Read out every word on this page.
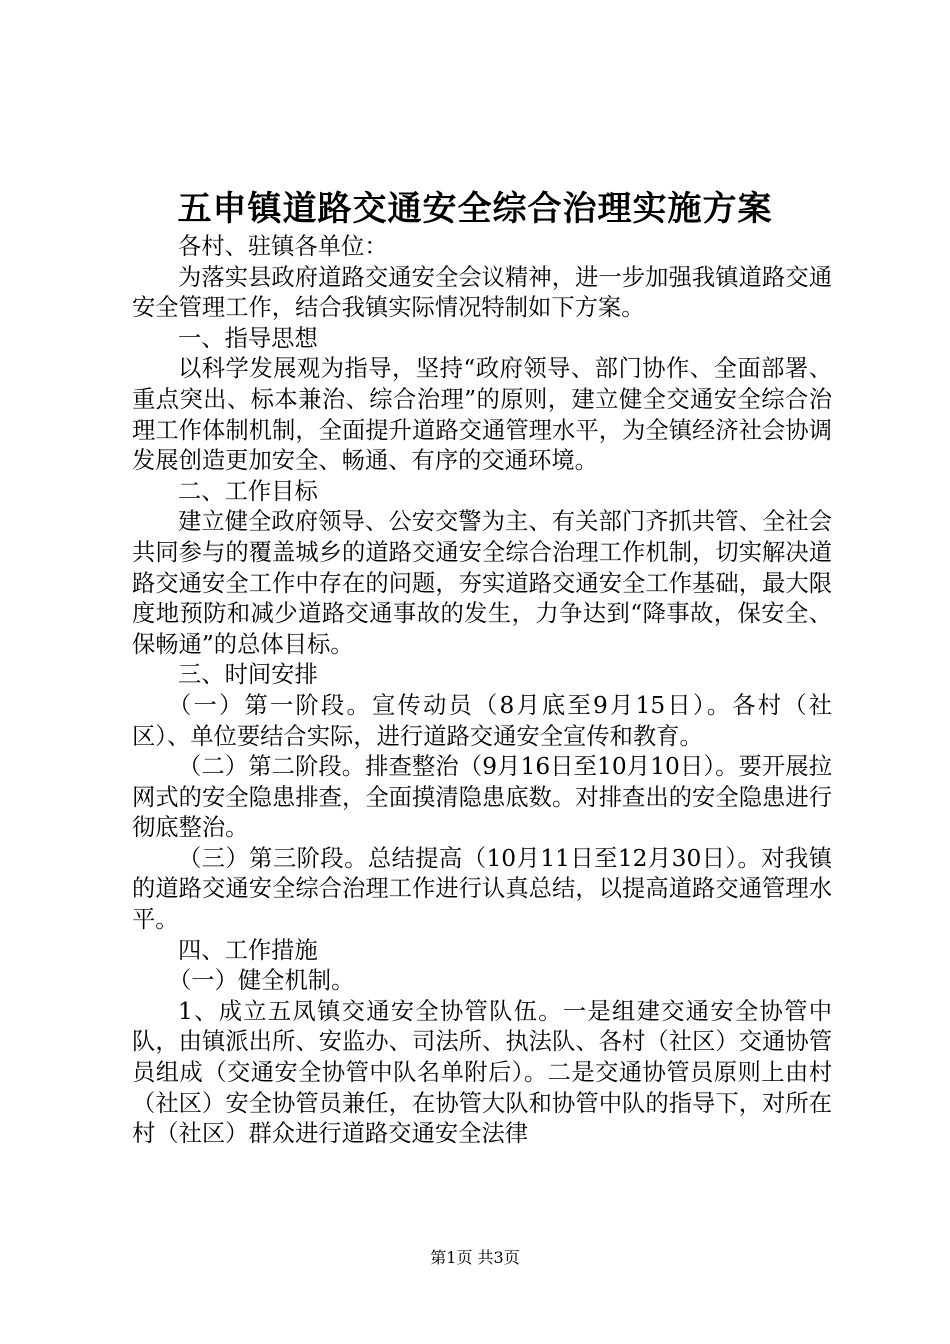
五申镇道路交通安全综合治理实施方案

各村、驻镇各单位：

为落实县政府道路交通安全会议精神，进一步加强我镇道路交通安全管理工作，结合我镇实际情况特制如下方案。

一、指导思想

以科学发展观为指导，坚持“政府领导、部门协作、全面部署、重点突出、标本兼治、综合治理”的原则，建立健全交通安全综合治理工作体制机制，全面提升道路交通管理水平，为全镇经济社会协调发展创造更加安全、畅通、有序的交通环境。

二、工作目标

建立健全政府领导、公安交警为主、有关部门齐抓共管、全社会共同参与的覆盖城乡的道路交通安全综合治理工作机制，切实解决道路交通安全工作中存在的问题，夯实道路交通安全工作基础，最大限度地预防和减少道路交通事故的发生，力争达到“降事故，保安全、保畅通”的总体目标。

三、时间安排

（一）第一阶段。宣传动员（8月底至9月15日）。各村（社区）、单位要结合实际，进行道路交通安全宣传和教育。

（二）第二阶段。排查整治（9月16日至10月10日）。要开展拉网式的安全隐患排查，全面摸清隐患底数。对排查出的安全隐患进行彻底整治。

（三）第三阶段。总结提高（10月11日至12月30日）。对我镇的道路交通安全综合治理工作进行认真总结，以提高道路交通管理水平。

四、工作措施

（一）健全机制。

1、成立五凤镇交通安全协管队伍。一是组建交通安全协管中队，由镇派出所、安监办、司法所、执法队、各村（社区）交通协管员组成（交通安全协管中队名单附后）。二是交通协管员原则上由村（社区）安全协管员兼任，在协管大队和协管中队的指导下，对所在村（社区）群众进行道路交通安全法律

第1页 共3页
